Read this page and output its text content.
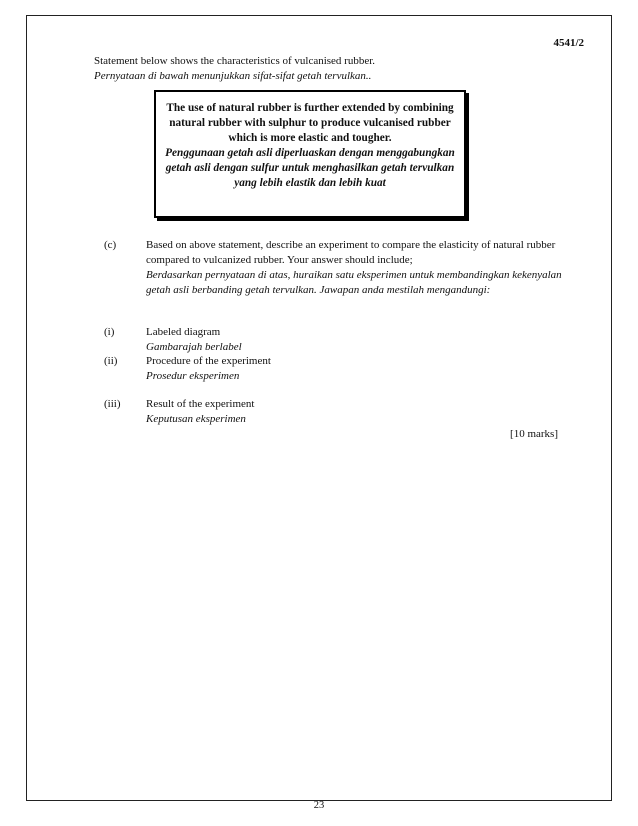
4541/2

Statement below shows the characteristics of vulcanised rubber.

Pernyataan di bawah menunjukkan sifat-sifat getah tervulkan..

The use of natural rubber is further extended by combining natural rubber with sulphur to produce vulcanised rubber which is more elastic and tougher.

Penggunaan getah asli diperluaskan dengan menggabungkan getah asli dengan sulfur untuk menghasilkan getah tervulkan yang lebih elastik dan lebih kuat

(c)	Based on above statement, describe an experiment to compare the elasticity of natural rubber compared to vulcanized rubber. Your answer should include;

Berdasarkan pernyataan di atas, huraikan satu eksperimen untuk membandingkan kekenyalan getah asli berbanding getah tervulkan. Jawapan anda mestilah mengandungi:

(i)	Labeled diagram

Gambarajah berlabel

(ii)	Procedure of the experiment

Prosedur eksperimen

(iii)	Result of the experiment

Keputusan eksperimen

[10 marks]
23
